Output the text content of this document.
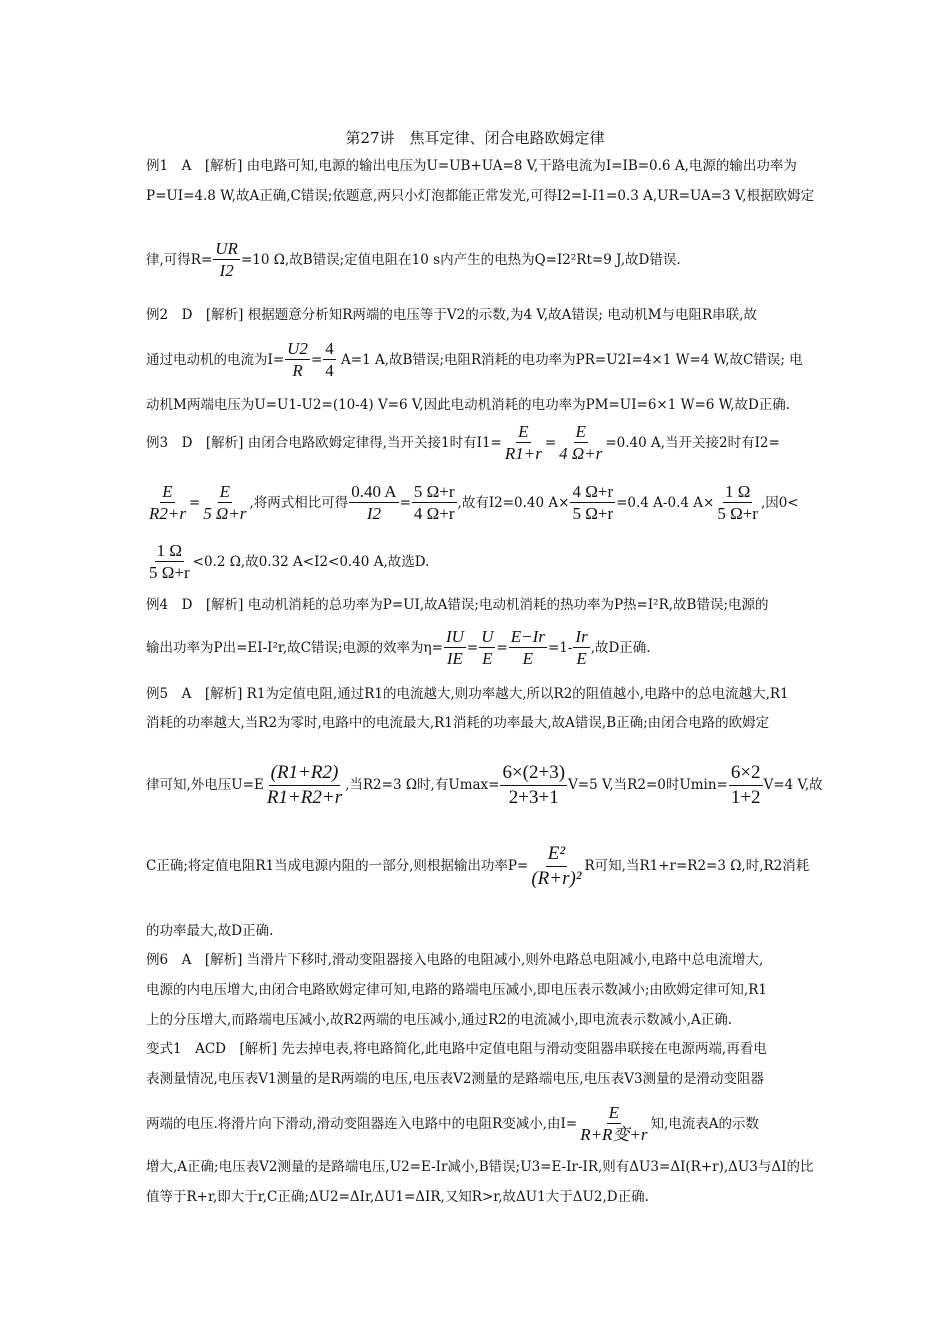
第27讲　焦耳定律、闭合电路欧姆定律
例1　A　[解析] 由电路可知,电源的输出电压为U=UB+UA=8 V,干路电流为I=IB=0.6 A,电源的输出功率为
P=UI=4.8 W,故A正确,C错误;依题意,两只小灯泡都能正常发光,可得I2=I-I1=0.3 A,UR=UA=3 V,根据欧姆定
律,可得$R= \frac{UR}{I2} =10$ Ω,故B错误;定值电阻在10 s内产生的电热为Q=I2²Rt=9 J,故D错误.
例2　D　[解析] 根据题意分析知R两端的电压等于V2的示数,为4 V,故A错误; 电动机M与电阻R串联,故
通过电动机的电流为$I= \frac{U2}{R} = \frac{4}{4} A=1$ A,故B错误;电阻R消耗的电功率为PR=U2I=4×1 W=4 W,故C错误; 电
动机M两端电压为U=U1-U2=(10-4) V=6 V,因此电动机消耗的电功率为PM=UI=6×1 W=6 W,故D正确.
例3　D　[解析] 由闭合电路欧姆定律得,当开关接1时有$I1= \frac{E}{R1+r} = \frac{E}{4 \Omega+r} =0.40$ A,当开关接2时有I2=
$\frac{E}{R2+r} = \frac{E}{5 \Omega+r}$ ,将两式相比可得 $\frac{0.40 A}{I2} = \frac{5 \Omega+r}{4 \Omega+r}$ ,故有I2=0.40 $A\times \frac{4 \Omega+r}{5 \Omega+r} =0.4$ A-0.4 $A\times \frac{1 \Omega}{5 \Omega+r}$ ,因0<
$\frac{1 \Omega}{5 \Omega+r} <0.2$ Ω,故0.32 A<I2<0.40 A,故选D.
例4　D　[解析] 电动机消耗的总功率为P=UI,故A错误;电动机消耗的热功率为P热=I²R,故B错误;电源的
输出功率为P出=EI-I²r,故C错误;电源的效率为$\eta= \frac{IU}{IE} = \frac{U}{E} = \frac{E-Ir}{E} =1- \frac{Ir}{E}$ ,故D正确.
例5　A　[解析] R1为定值电阻,通过R1的电流越大,则功率越大,所以R2的阻值越小,电路中的总电流越大,R1
消耗的功率越大,当R2为零时,电路中的电流最大,R1消耗的功率最大,故A错误,B正确;由闭合电路的欧姆定
律可知,外电压$U=E \frac{(R1+R2)}{R1+R2+r}$ ,当R2=3 Ω时,有$Umax= \frac{6\times(2+3)}{2+3+1} V=5$ V,当R2=0时$Umin= \frac{6\times 2}{1+2} V=4$ V,故
C正确;将定值电阻R1当成电源内阻的一部分,则根据输出功率$P= \frac{\text{E²}}{\text{(R+r)²}}$ R可知,当R1+r=R2=3 Ω,时,R2消耗
的功率最大,故D正确.
例6　A　[解析] 当滑片下移时,滑动变阻器接入电路的电阻减小,则外电路总电阻减小,电路中总电流增大,
电源的内电压增大,由闭合电路欧姆定律可知,电路的路端电压减小,即电压表示数减小;由欧姆定律可知,R1
上的分压增大,而路端电压减小,故R2两端的电压减小,通过R2的电流减小,即电流表示数减小,A正确.
变式1　ACD　[解析] 先去掉电表,将电路简化,此电路中定值电阻与滑动变阻器串联接在电源两端,再看电
表测量情况,电压表V1测量的是R两端的电压,电压表V2测量的是路端电压,电压表V3测量的是滑动变阻器
两端的电压.将滑片向下滑动,滑动变阻器连入电路中的电阻R变减小,由$I= \frac{E}{\text{R+R变+r}}$ 知,电流表A的示数
增大,A正确;电压表V2测量的是路端电压,U2=E-Ir减小,B错误;U3=E-Ir-IR,则有ΔU3=ΔI(R+r),ΔU3与ΔI的比
值等于R+r,即大于r,C正确;ΔU2=ΔIr,ΔU1=ΔIR,又知R>r,故ΔU1大于ΔU2,D正确.
